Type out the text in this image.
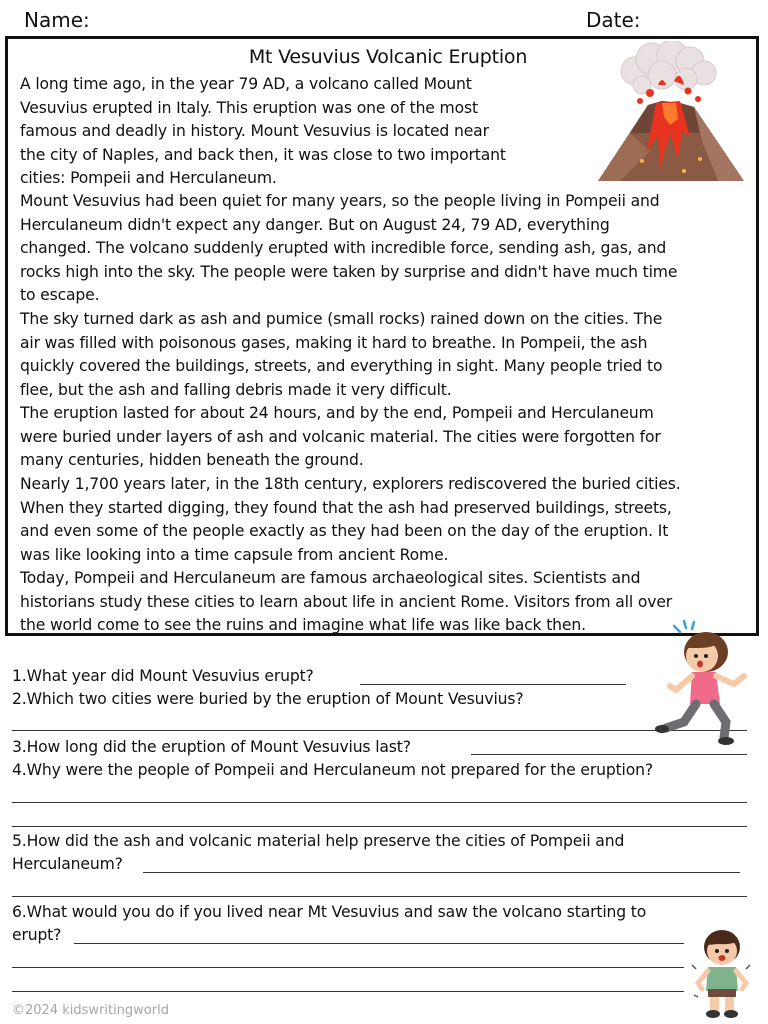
Name:	Date:
Mt Vesuvius Volcanic Eruption

A long time ago, in the year 79 AD, a volcano called Mount
Vesuvius erupted in Italy. This eruption was one of the most
famous and deadly in history. Mount Vesuvius is located near
the city of Naples, and back then, it was close to two important
cities: Pompeii and Herculaneum.

Mount Vesuvius had been quiet for many years, so the people living in Pompeii and
Herculaneum didn't expect any danger. But on August 24, 79 AD, everything
changed. The volcano suddenly erupted with incredible force, sending ash, gas, and
rocks high into the sky. The people were taken by surprise and didn't have much time
to escape.

The sky turned dark as ash and pumice (small rocks) rained down on the cities. The
air was filled with poisonous gases, making it hard to breathe. In Pompeii, the ash
quickly covered the buildings, streets, and everything in sight. Many people tried to
flee, but the ash and falling debris made it very difficult.

The eruption lasted for about 24 hours, and by the end, Pompeii and Herculaneum
were buried under layers of ash and volcanic material. The cities were forgotten for
many centuries, hidden beneath the ground.

Nearly 1,700 years later, in the 18th century, explorers rediscovered the buried cities.
When they started digging, they found that the ash had preserved buildings, streets,
and even some of the people exactly as they had been on the day of the eruption. It
was like looking into a time capsule from ancient Rome.

Today, Pompeii and Herculaneum are famous archaeological sites. Scientists and
historians study these cities to learn about life in ancient Rome. Visitors from all over
the world come to see the ruins and imagine what life was like back then.

1.What year did Mount Vesuvius erupt?
2.Which two cities were buried by the eruption of Mount Vesuvius?
3.How long did the eruption of Mount Vesuvius last?
4.Why were the people of Pompeii and Herculaneum not prepared for the eruption?
5.How did the ash and volcanic material help preserve the cities of Pompeii and
Herculaneum?
6.What would you do if you lived near Mt Vesuvius and saw the volcano starting to
erupt?
©2024 kidswritingworld
